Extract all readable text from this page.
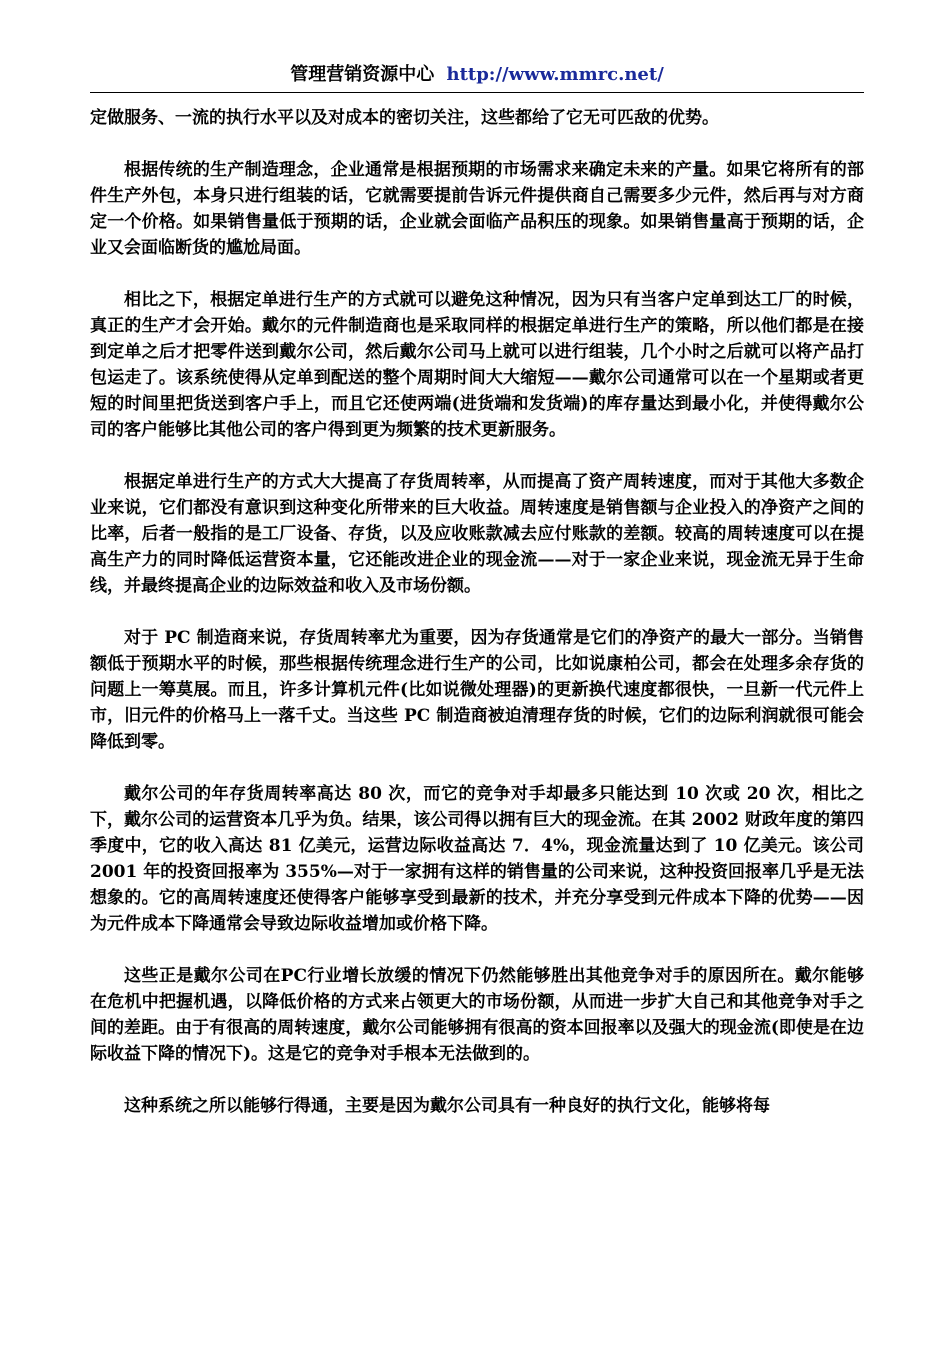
管理营销资源中心 http://www.mmrc.net/

定做服务、一流的执行水平以及对成本的密切关注，这些都给了它无可匹敌的优势。

根据传统的生产制造理念，企业通常是根据预期的市场需求来确定未来的产量。如果它将所有的部件生产外包，本身只进行组装的话，它就需要提前告诉元件提供商自己需要多少元件，然后再与对方商定一个价格。如果销售量低于预期的话，企业就会面临产品积压的现象。如果销售量高于预期的话，企业又会面临断货的尴尬局面。

相比之下，根据定单进行生产的方式就可以避免这种情况，因为只有当客户定单到达工厂的时候，真正的生产才会开始。戴尔的元件制造商也是采取同样的根据定单进行生产的策略，所以他们都是在接到定单之后才把零件送到戴尔公司，然后戴尔公司马上就可以进行组装，几个小时之后就可以将产品打包运走了。该系统使得从定单到配送的整个周期时间大大缩短——戴尔公司通常可以在一个星期或者更短的时间里把货送到客户手上，而且它还使两端(进货端和发货端)的库存量达到最小化，并使得戴尔公司的客户能够比其他公司的客户得到更为频繁的技术更新服务。

根据定单进行生产的方式大大提高了存货周转率，从而提高了资产周转速度，而对于其他大多数企业来说，它们都没有意识到这种变化所带来的巨大收益。周转速度是销售额与企业投入的净资产之间的比率，后者一般指的是工厂设备、存货，以及应收账款减去应付账款的差额。较高的周转速度可以在提高生产力的同时降低运营资本量，它还能改进企业的现金流——对于一家企业来说，现金流无异于生命线，并最终提高企业的边际效益和收入及市场份额。

对于 PC 制造商来说，存货周转率尤为重要，因为存货通常是它们的净资产的最大一部分。当销售额低于预期水平的时候，那些根据传统理念进行生产的公司，比如说康柏公司，都会在处理多余存货的问题上一筹莫展。而且，许多计算机元件(比如说微处理器)的更新换代速度都很快，一旦新一代元件上市，旧元件的价格马上一落千丈。当这些 PC 制造商被迫清理存货的时候，它们的边际利润就很可能会降低到零。

戴尔公司的年存货周转率高达 80 次，而它的竞争对手却最多只能达到 10 次或 20 次，相比之下，戴尔公司的运营资本几乎为负。结果，该公司得以拥有巨大的现金流。在其 2002 财政年度的第四季度中，它的收入高达 81 亿美元，运营边际收益高达 7．4%，现金流量达到了 10 亿美元。该公司 2001 年的投资回报率为 355%—对于一家拥有这样的销售量的公司来说，这种投资回报率几乎是无法想象的。它的高周转速度还使得客户能够享受到最新的技术，并充分享受到元件成本下降的优势——因为元件成本下降通常会导致边际收益增加或价格下降。

这些正是戴尔公司在PC行业增长放缓的情况下仍然能够胜出其他竞争对手的原因所在。戴尔能够在危机中把握机遇，以降低价格的方式来占领更大的市场份额，从而进一步扩大自己和其他竞争对手之间的差距。由于有很高的周转速度，戴尔公司能够拥有很高的资本回报率以及强大的现金流(即使是在边际收益下降的情况下)。这是它的竞争对手根本无法做到的。

这种系统之所以能够行得通，主要是因为戴尔公司具有一种良好的执行文化，能够将每
